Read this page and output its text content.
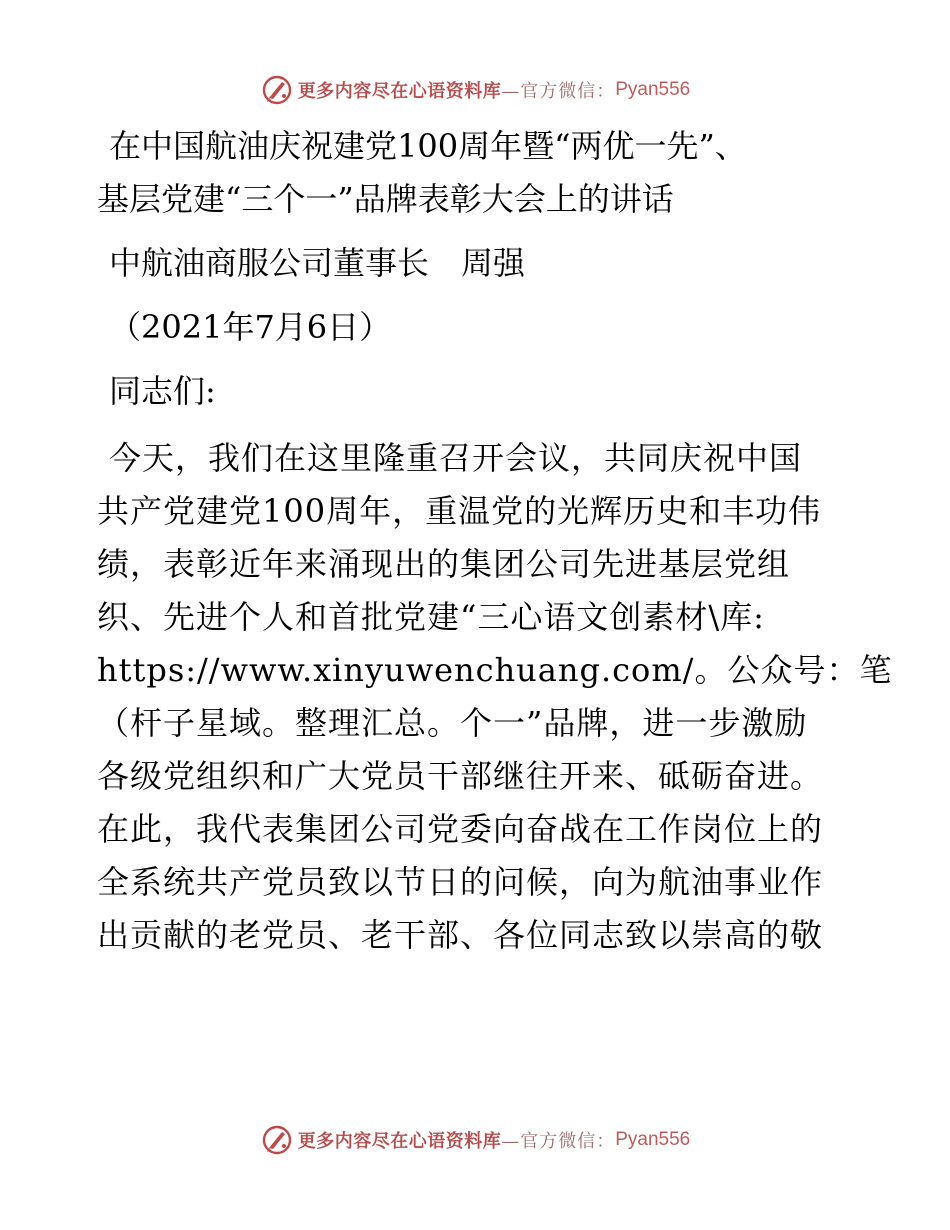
更多内容尽在心语资料库 —官方微信： Pyan556

在中国航油庆祝建党100周年暨“两优一先”、

基层党建“三个一”品牌表彰大会上的讲话

中航油商服公司董事长　周强

（2021年7月6日）

同志们:

今天，我们在这里隆重召开会议，共同庆祝中国

共产党建党100周年，重温党的光辉历史和丰功伟

绩，表彰近年来涌现出的集团公司先进基层党组

织、先进个人和首批党建“三心语文创素材\库:

https://www.xinyuwenchuang.com/。公众号：笔

（杆子星域。整理汇总。个一”品牌，进一步激励

各级党组织和广大党员干部继往开来、砥砺奋进。

在此，我代表集团公司党委向奋战在工作岗位上的

全系统共产党员致以节日的问候，向为航油事业作

出贡献的老党员、老干部、各位同志致以崇高的敬

更多内容尽在心语资料库 —官方微信： Pyan556
